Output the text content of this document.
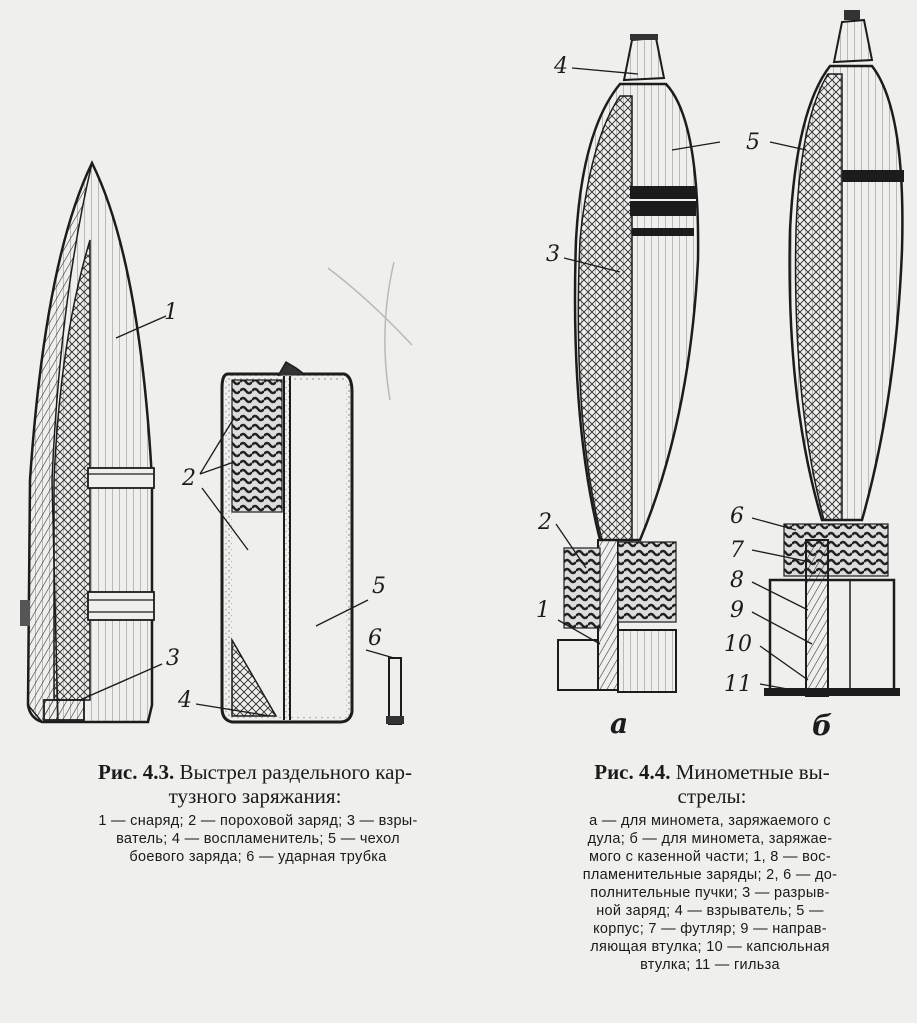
1
2
3
4
5
6
4
5
3
2
1
6
7
8
9
10
11
а	б
Рис. 4.3. Выстрел раздельного кар-
тузного заряжания:
1 — снаряд; 2 — пороховой заряд; 3 — взры-
ватель; 4 — воспламенитель; 5 — чехол
боевого заряда; 6 — ударная трубка
Рис. 4.4. Минометные вы-
стрелы:
а — для миномета, заряжаемого с
дула; б — для миномета, заряжае-
мого с казенной части; 1, 8 — вос-
пламенительные заряды; 2, 6 — до-
полнительные пучки; 3 — разрыв-
ной заряд; 4 — взрыватель; 5 —
корпус; 7 — футляр; 9 — направ-
ляющая втулка; 10 — капсюльная
втулка; 11 — гильза
